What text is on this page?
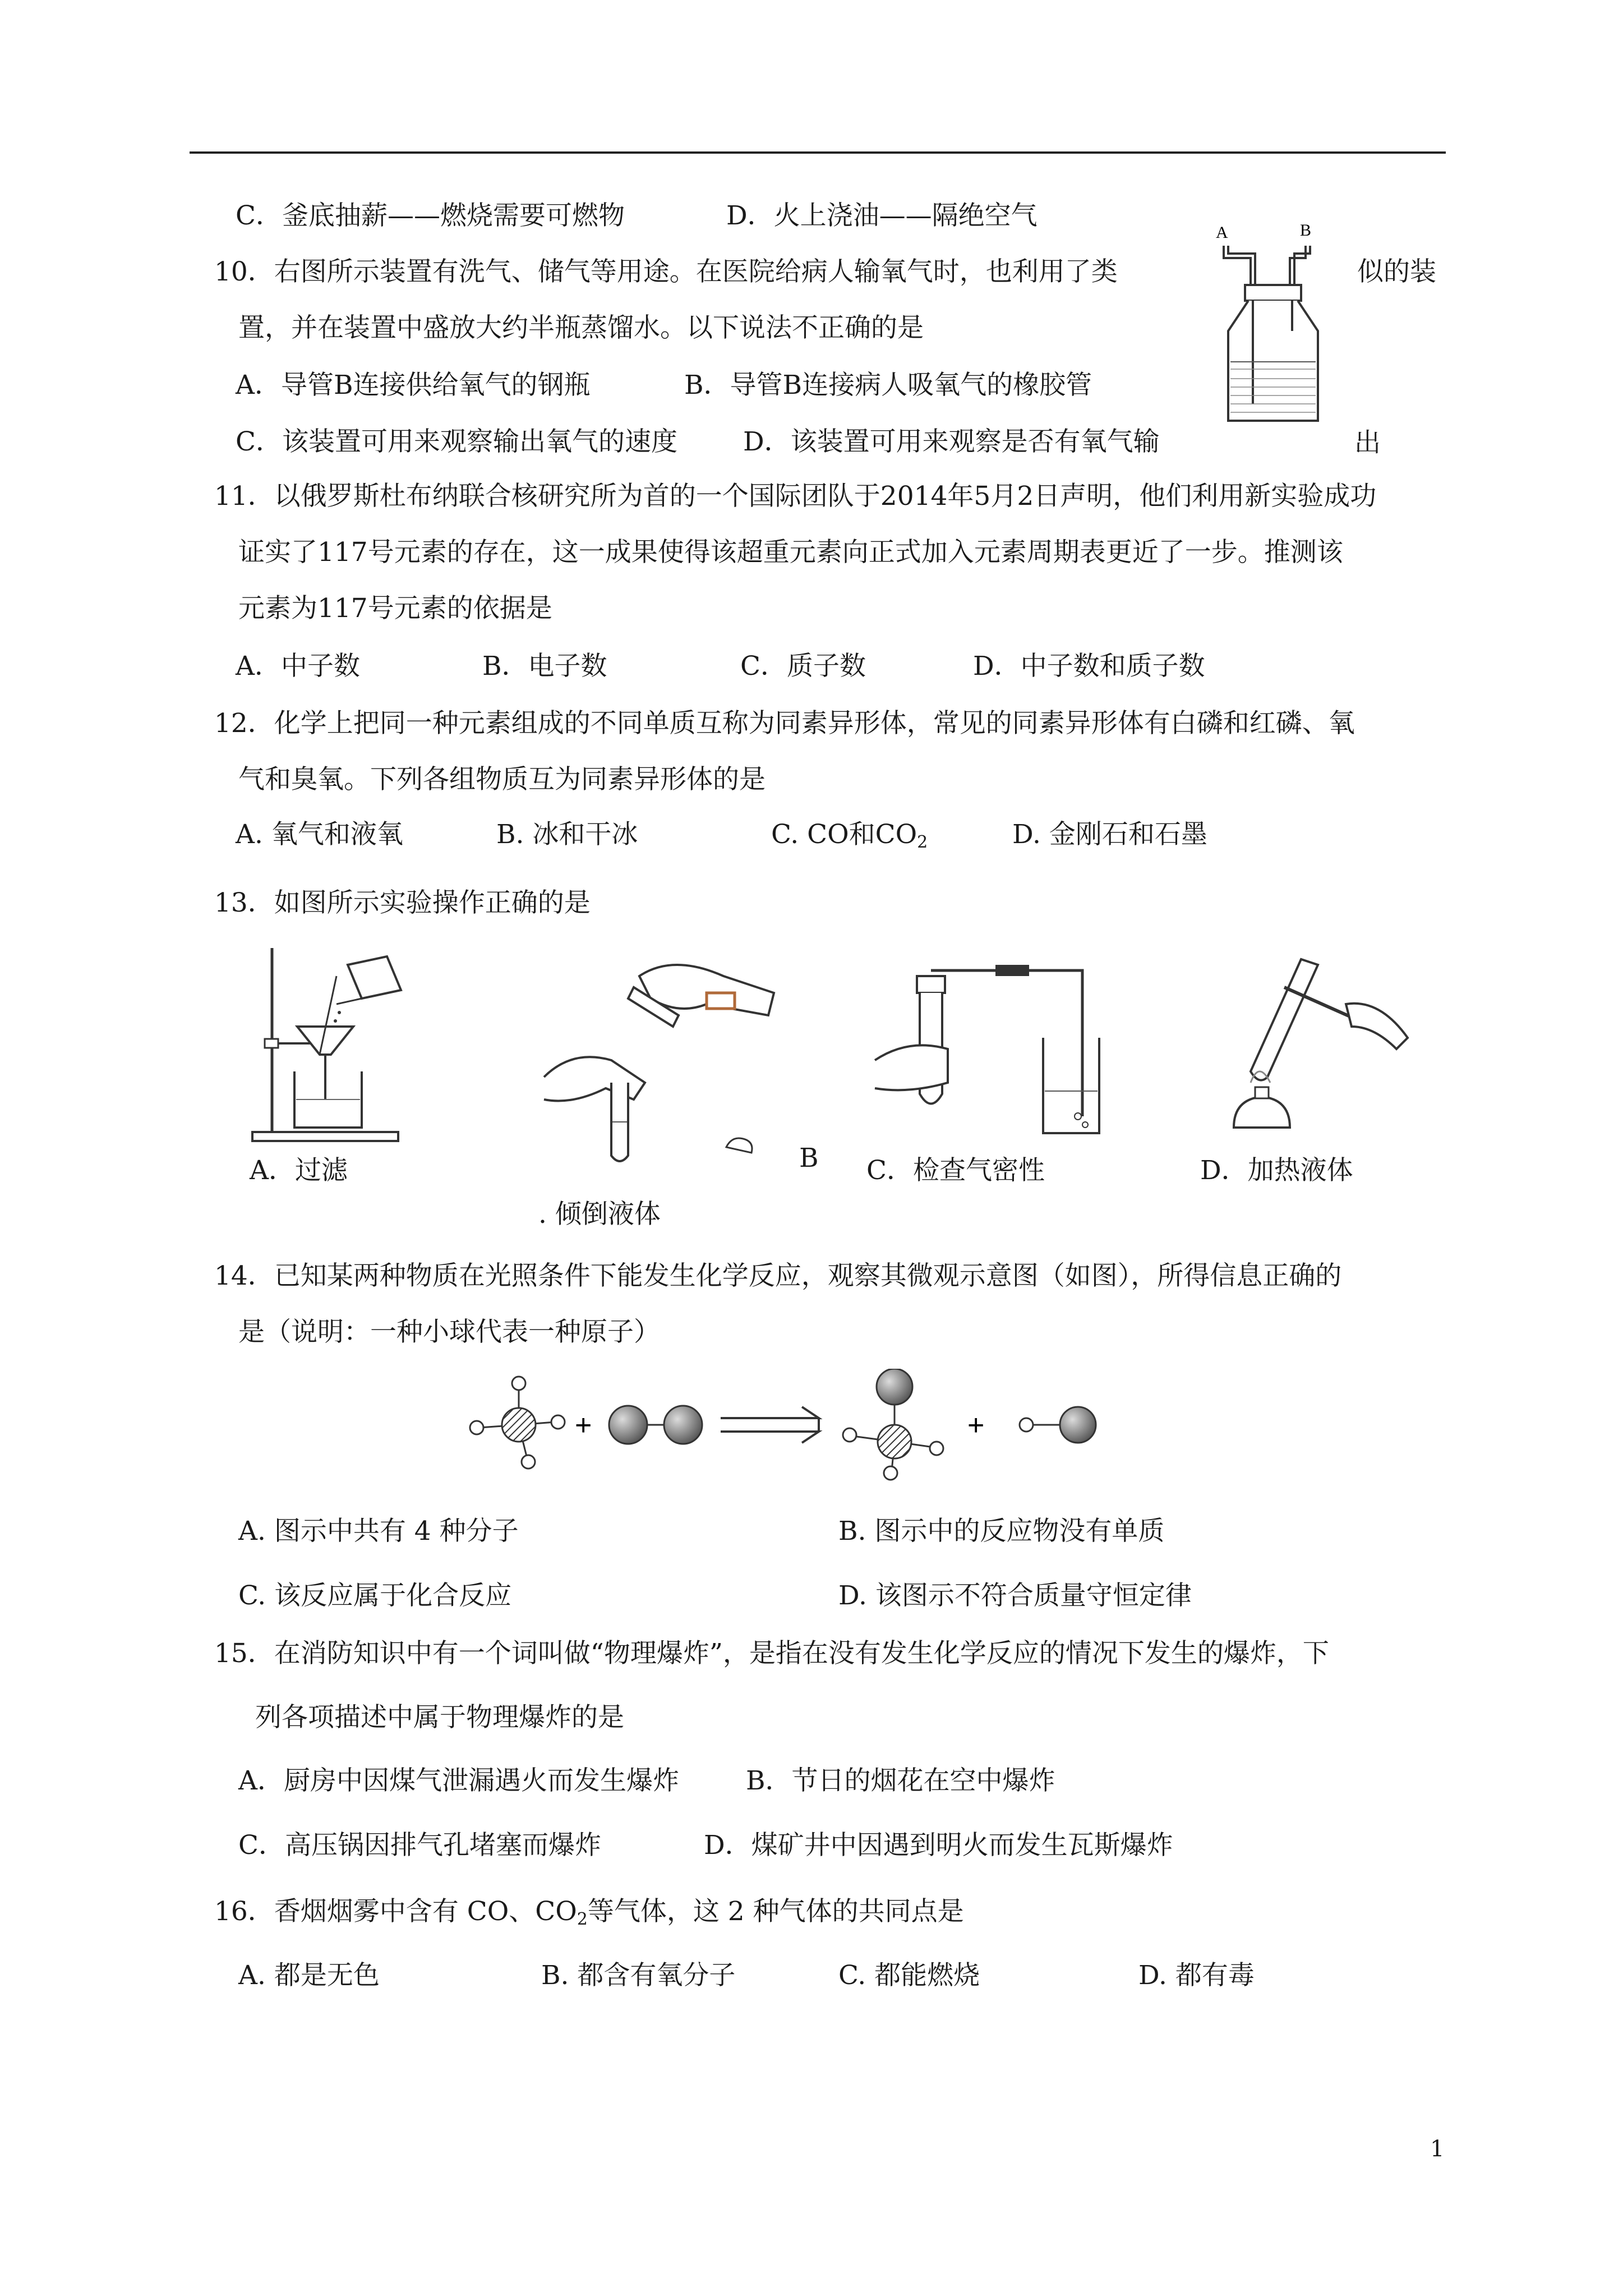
C．釜底抽薪——燃烧需要可燃物	D．火上浇油——隔绝空气
10．右图所示装置有洗气、储气等用途。在医院给病人输氧气时，也利用了类	似的装
置，并在装置中盛放大约半瓶蒸馏水。以下说法不正确的是
A．导管B连接供给氧气的钢瓶	B．导管B连接病人吸氧气的橡胶管
C．该装置可用来观察输出氧气的速度 D．该装置可用来观察是否有氧气输	出
A	B
11．以俄罗斯杜布纳联合核研究所为首的一个国际团队于2014年5月2日声明，他们利用新实验成功
证实了117号元素的存在，这一成果使得该超重元素向正式加入元素周期表更近了一步。推测该
元素为117号元素的依据是
A．中子数	B．电子数	C．质子数	D．中子数和质子数
12．化学上把同一种元素组成的不同单质互称为同素异形体，常见的同素异形体有白磷和红磷、氧
气和臭氧。下列各组物质互为同素异形体的是
A. 氧气和液氧	B. 冰和干冰	C. CO和$CO_2$	D. 金刚石和石墨
13．如图所示实验操作正确的是
A．过滤	B
. 倾倒液体
C．检查气密性	D．加热液体
14．已知某两种物质在光照条件下能发生化学反应，观察其微观示意图（如图），所得信息正确的
是（说明：一种小球代表一种原子）
+	+
A. 图示中共有 4 种分子	B. 图示中的反应物没有单质
C. 该反应属于化合反应	D. 该图示不符合质量守恒定律
15．在消防知识中有一个词叫做“物理爆炸”，是指在没有发生化学反应的情况下发生的爆炸，下
列各项描述中属于物理爆炸的是
A．厨房中因煤气泄漏遇火而发生爆炸	B．节日的烟花在空中爆炸
C．高压锅因排气孔堵塞而爆炸	D．煤矿井中因遇到明火而发生瓦斯爆炸
16．香烟烟雾中含有 CO、$CO_2$等气体，这 2 种气体的共同点是
A. 都是无色	B. 都含有氧分子	C. 都能燃烧	D. 都有毒
1
